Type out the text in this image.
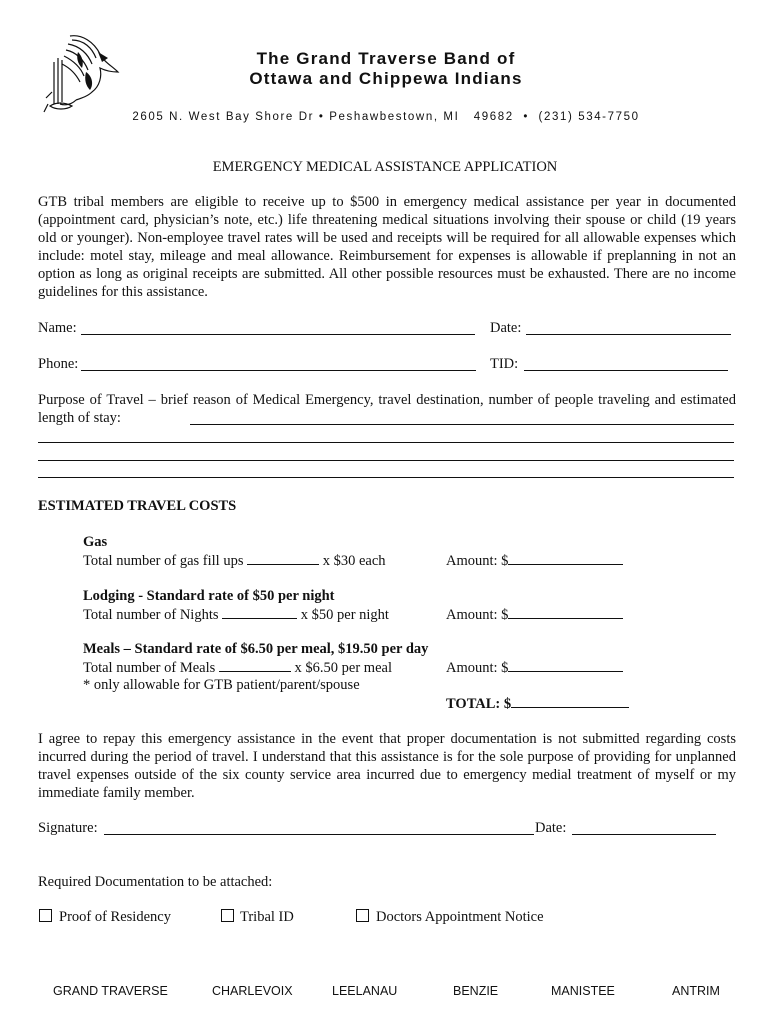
The Grand Traverse Band of
Ottawa and Chippewa Indians
2605 N. West Bay Shore Dr • Peshawbestown, MI   49682  •  (231) 534-7750
EMERGENCY MEDICAL ASSISTANCE APPLICATION
GTB tribal members are eligible to receive up to $500 in emergency medical assistance per year in documented (appointment card, physician’s note, etc.) life threatening medical situations involving their spouse or child (19 years old or younger). Non-employee travel rates will be used and receipts will be required for all allowable expenses which include: motel stay, mileage and meal allowance. Reimbursement for expenses is allowable if preplanning in not an option as long as original receipts are submitted. All other possible resources must be exhausted. There are no income guidelines for this assistance.
Name:	Date:
Phone:	TID:
Purpose of Travel – brief reason of Medical Emergency, travel destination, number of people traveling and estimated length of stay:
ESTIMATED TRAVEL COSTS
Gas
Total number of gas fill ups	x $30 each	Amount: $
Lodging - Standard rate of $50 per night
Total number of Nights	x $50 per night	Amount: $
Meals – Standard rate of $6.50 per meal, $19.50 per day
Total number of Meals	x $6.50 per meal	Amount: $
* only allowable for GTB patient/parent/spouse
TOTAL: $
I agree to repay this emergency assistance in the event that proper documentation is not submitted regarding costs incurred during the period of travel. I understand that this assistance is for the sole purpose of providing for unplanned travel expenses outside of the six county service area incurred due to emergency medial treatment of myself or my immediate family member.
Signature:	Date:
Required Documentation to be attached:
Proof of Residency	Tribal ID	Doctors Appointment Notice
GRAND TRAVERSE	CHARLEVOIX	LEELANAU	BENZIE	MANISTEE	ANTRIM
